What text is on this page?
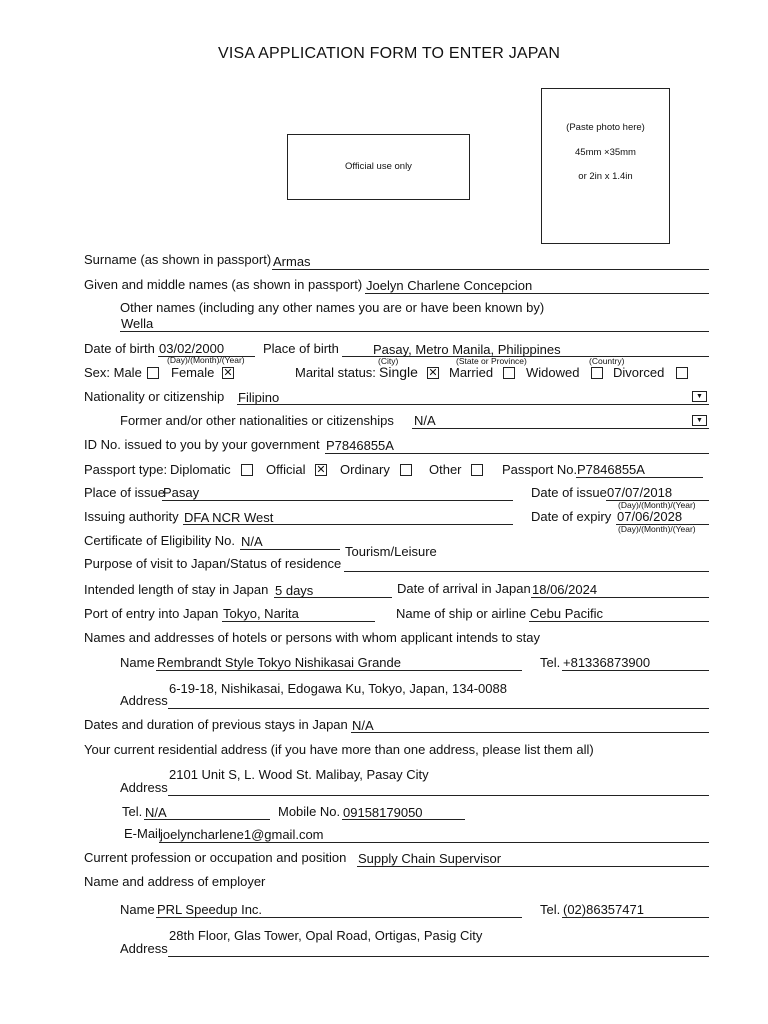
VISA APPLICATION FORM TO ENTER JAPAN
Official use only
(Paste photo here)
45mm ×35mm
or 2in x 1.4in
Surname (as shown in passport) Armas
Given and middle names (as shown in passport) Joelyn Charlene Concepcion
Other names (including any other names you are or have been known by)
Wella
Date of birth 03/02/2000
(Day)/(Month)/(Year)
Place of birth	Pasay, Metro Manila, Philippines
(City)	(State or Province)	(Country)
Sex: Male Female ✕	Marital status: Single ✕ Married	Widowed	Divorced
Nationality or citizenship Filipino	▼
Former and/or other nationalities or citizenships N/A	▼
ID No. issued to you by your government P7846855A
Passport type: Diplomatic	Official ✕ Ordinary	Other	Passport No. P7846855A
Place of issue
Pasay	Date of issue 07/07/2018
(Day)/(Month)/(Year)
Issuing authority DFA NCR West	Date of expiry 07/06/2028
(Day)/(Month)/(Year)
Certificate of Eligibility No. N/A
Tourism/Leisure
Purpose of visit to Japan/Status of residence
Intended length of stay in Japan 5 days	Date of arrival in Japan 18/06/2024
Port of entry into Japan Tokyo, Narita	Name of ship or airline Cebu Pacific
Names and addresses of hotels or persons with whom applicant intends to stay
Name Rembrandt Style Tokyo Nishikasai Grande	Tel. +81336873900
6-19-18, Nishikasai, Edogawa Ku, Tokyo, Japan, 134-0088
Address
Dates and duration of previous stays in Japan N/A
Your current residential address (if you have more than one address, please list them all)
2101 Unit S, L. Wood St. Malibay, Pasay City
Address
Tel. N/A	Mobile No. 09158179050
E-Mail joelyncharlene1@gmail.com
Current profession or occupation and position Supply Chain Supervisor
Name and address of employer
Name PRL Speedup Inc.	Tel. (02)86357471
28th Floor, Glas Tower, Opal Road, Ortigas, Pasig City
Address
